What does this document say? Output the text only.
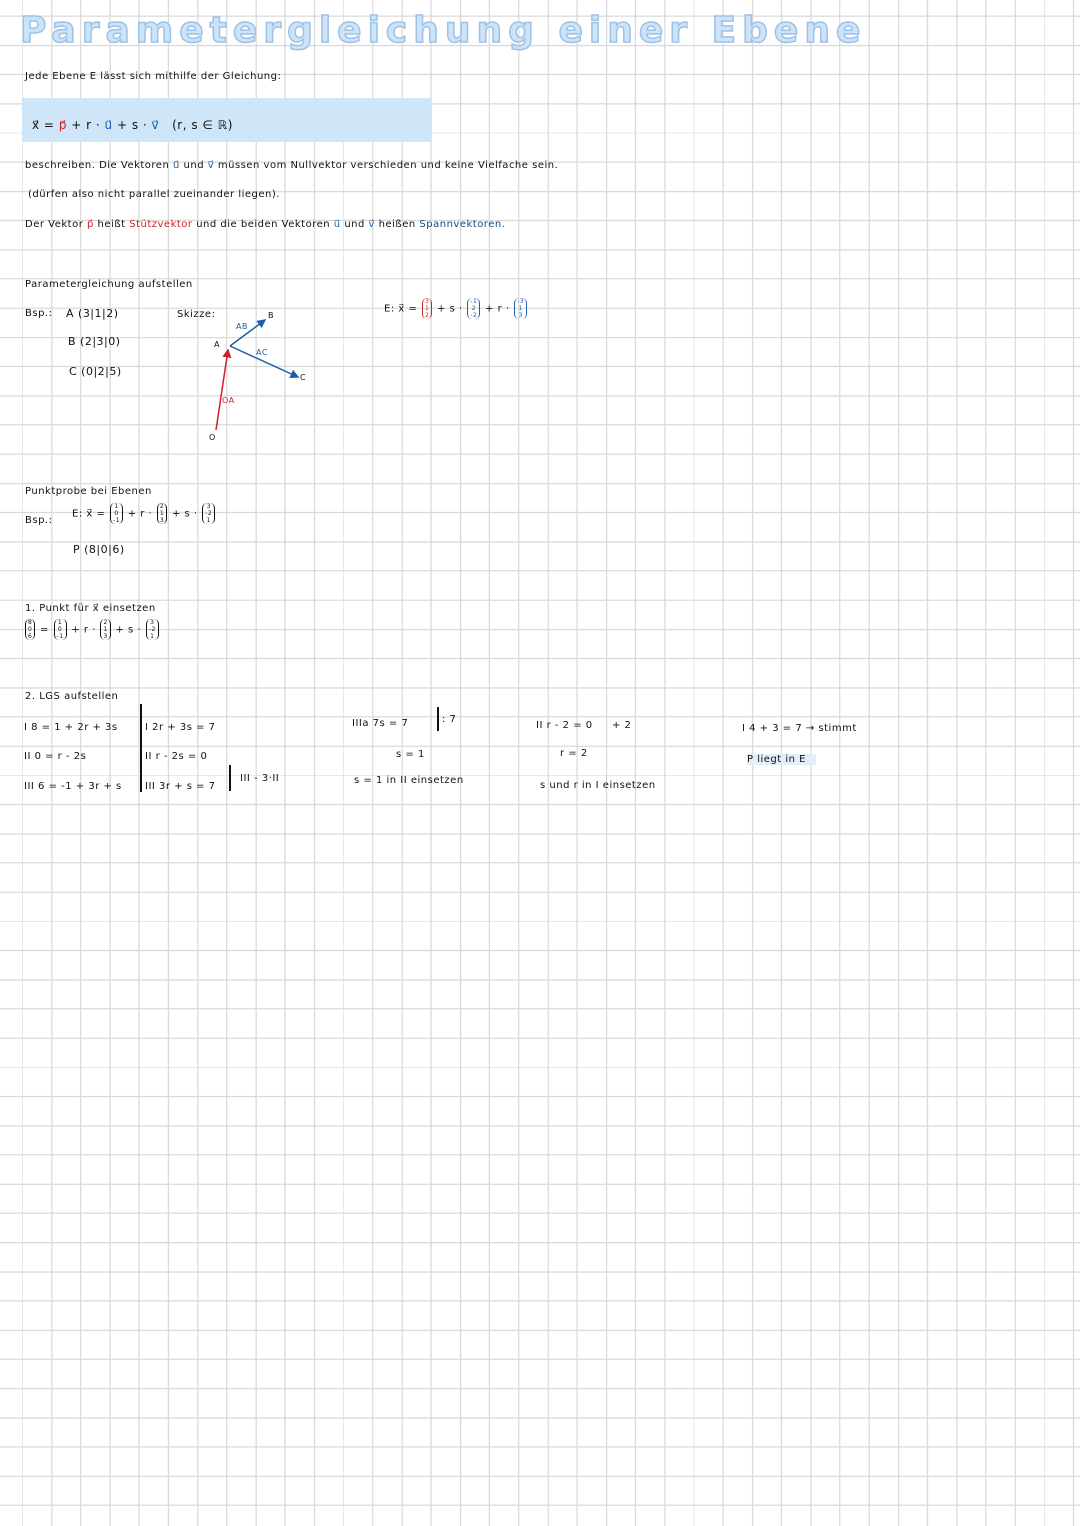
Parametergleichung einer Ebene
Jede Ebene E lässt sich mithilfe der Gleichung:
x⃗ = p⃗ + r · u⃗ + s · v⃗ (r, s ∈ ℝ)
beschreiben. Die Vektoren u⃗ und v⃗ müssen vom Nullvektor verschieden und keine Vielfache sein.
(dürfen also nicht parallel zueinander liegen).
Der Vektor p⃗ heißt Stützvektor und die beiden Vektoren u⃗ und v⃗ heißen Spannvektoren.
Parametergleichung aufstellen
Bsp.: A (3|1|2)
B (2|3|0)
C (0|2|5)
Skizze:
A
B
C
O
AB
AC
OA
E: x⃗ =
3
1
2
+ s ·
-1
2
-2
+ r ·
-3
1
3
Punktprobe bei Ebenen
Bsp.:
E: x⃗ =
1
0
-1
+ r ·
2
1
3
+ s ·
3
-2
1
P (8|0|6)
1. Punkt für x⃗ einsetzen
8
0
6
=
1
0
-1
+ r ·
2
1
3
+ s ·
3
-2
1
2. LGS aufstellen
I 8 = 1 + 2r + 3s
II 0 = r - 2s
III 6 = -1 + 3r + s
I 2r + 3s = 7
II r - 2s = 0
III 3r + s = 7
III - 3·II
IIIa 7s = 7	: 7
s = 1
s = 1 in II einsetzen
II r - 2 = 0 + 2
r = 2
s und r in I einsetzen
I 4 + 3 = 7 → stimmt
P liegt in E
